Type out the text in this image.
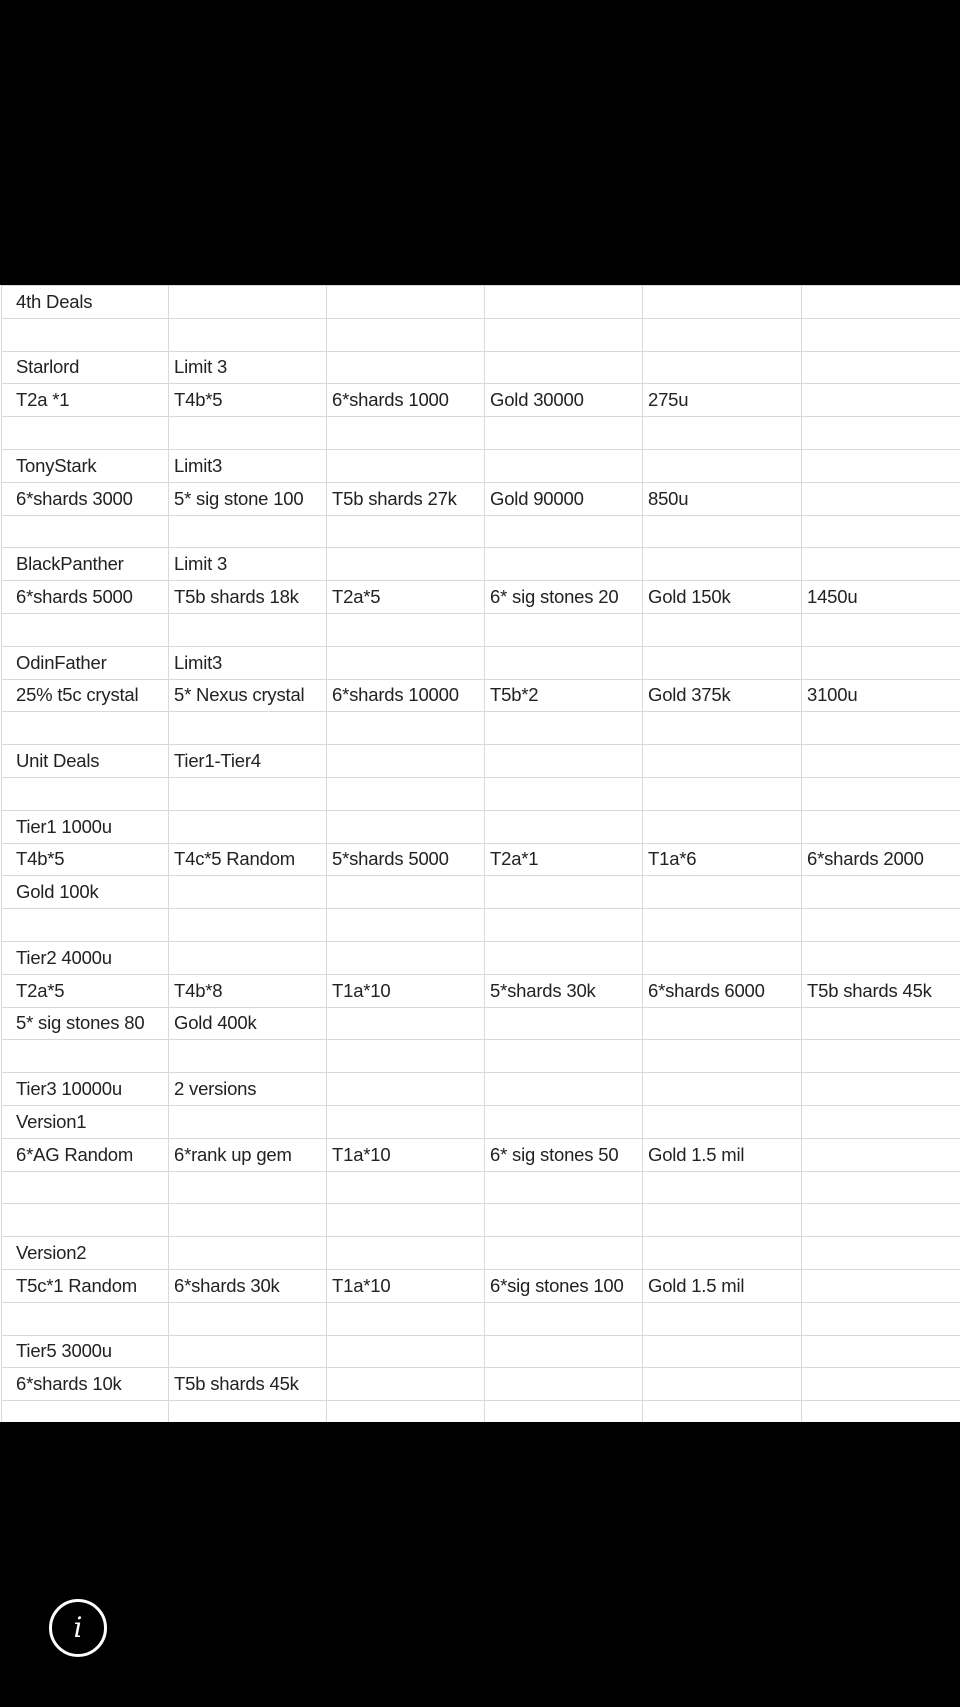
4th Deals					

Starlord	Limit 3				
T2a *1	T4b*5	6*shards 1000	Gold 30000	275u	

TonyStark	Limit3				
6*shards 3000	5* sig stone 100	T5b shards 27k	Gold 90000	850u	

BlackPanther	Limit 3				
6*shards 5000	T5b shards 18k	T2a*5	6* sig stones 20	Gold 150k	1450u

OdinFather	Limit3				
25% t5c crystal	5* Nexus crystal	6*shards 10000	T5b*2	Gold 375k	3100u

Unit Deals	Tier1-Tier4				

Tier1 1000u					
T4b*5	T4c*5 Random	5*shards 5000	T2a*1	T1a*6	6*shards 2000
Gold 100k					

Tier2 4000u					
T2a*5	T4b*8	T1a*10	5*shards 30k	6*shards 6000	T5b shards 45k
5* sig stones 80	Gold 400k				

Tier3 10000u	2 versions				
Version1					
6*AG Random	6*rank up gem	T1a*10	6* sig stones 50	Gold 1.5 mil	

Version2					
T5c*1 Random	6*shards 30k	T1a*10	6*sig stones 100	Gold 1.5 mil	

Tier5 3000u					
6*shards 10k	T5b shards 45k				

i
